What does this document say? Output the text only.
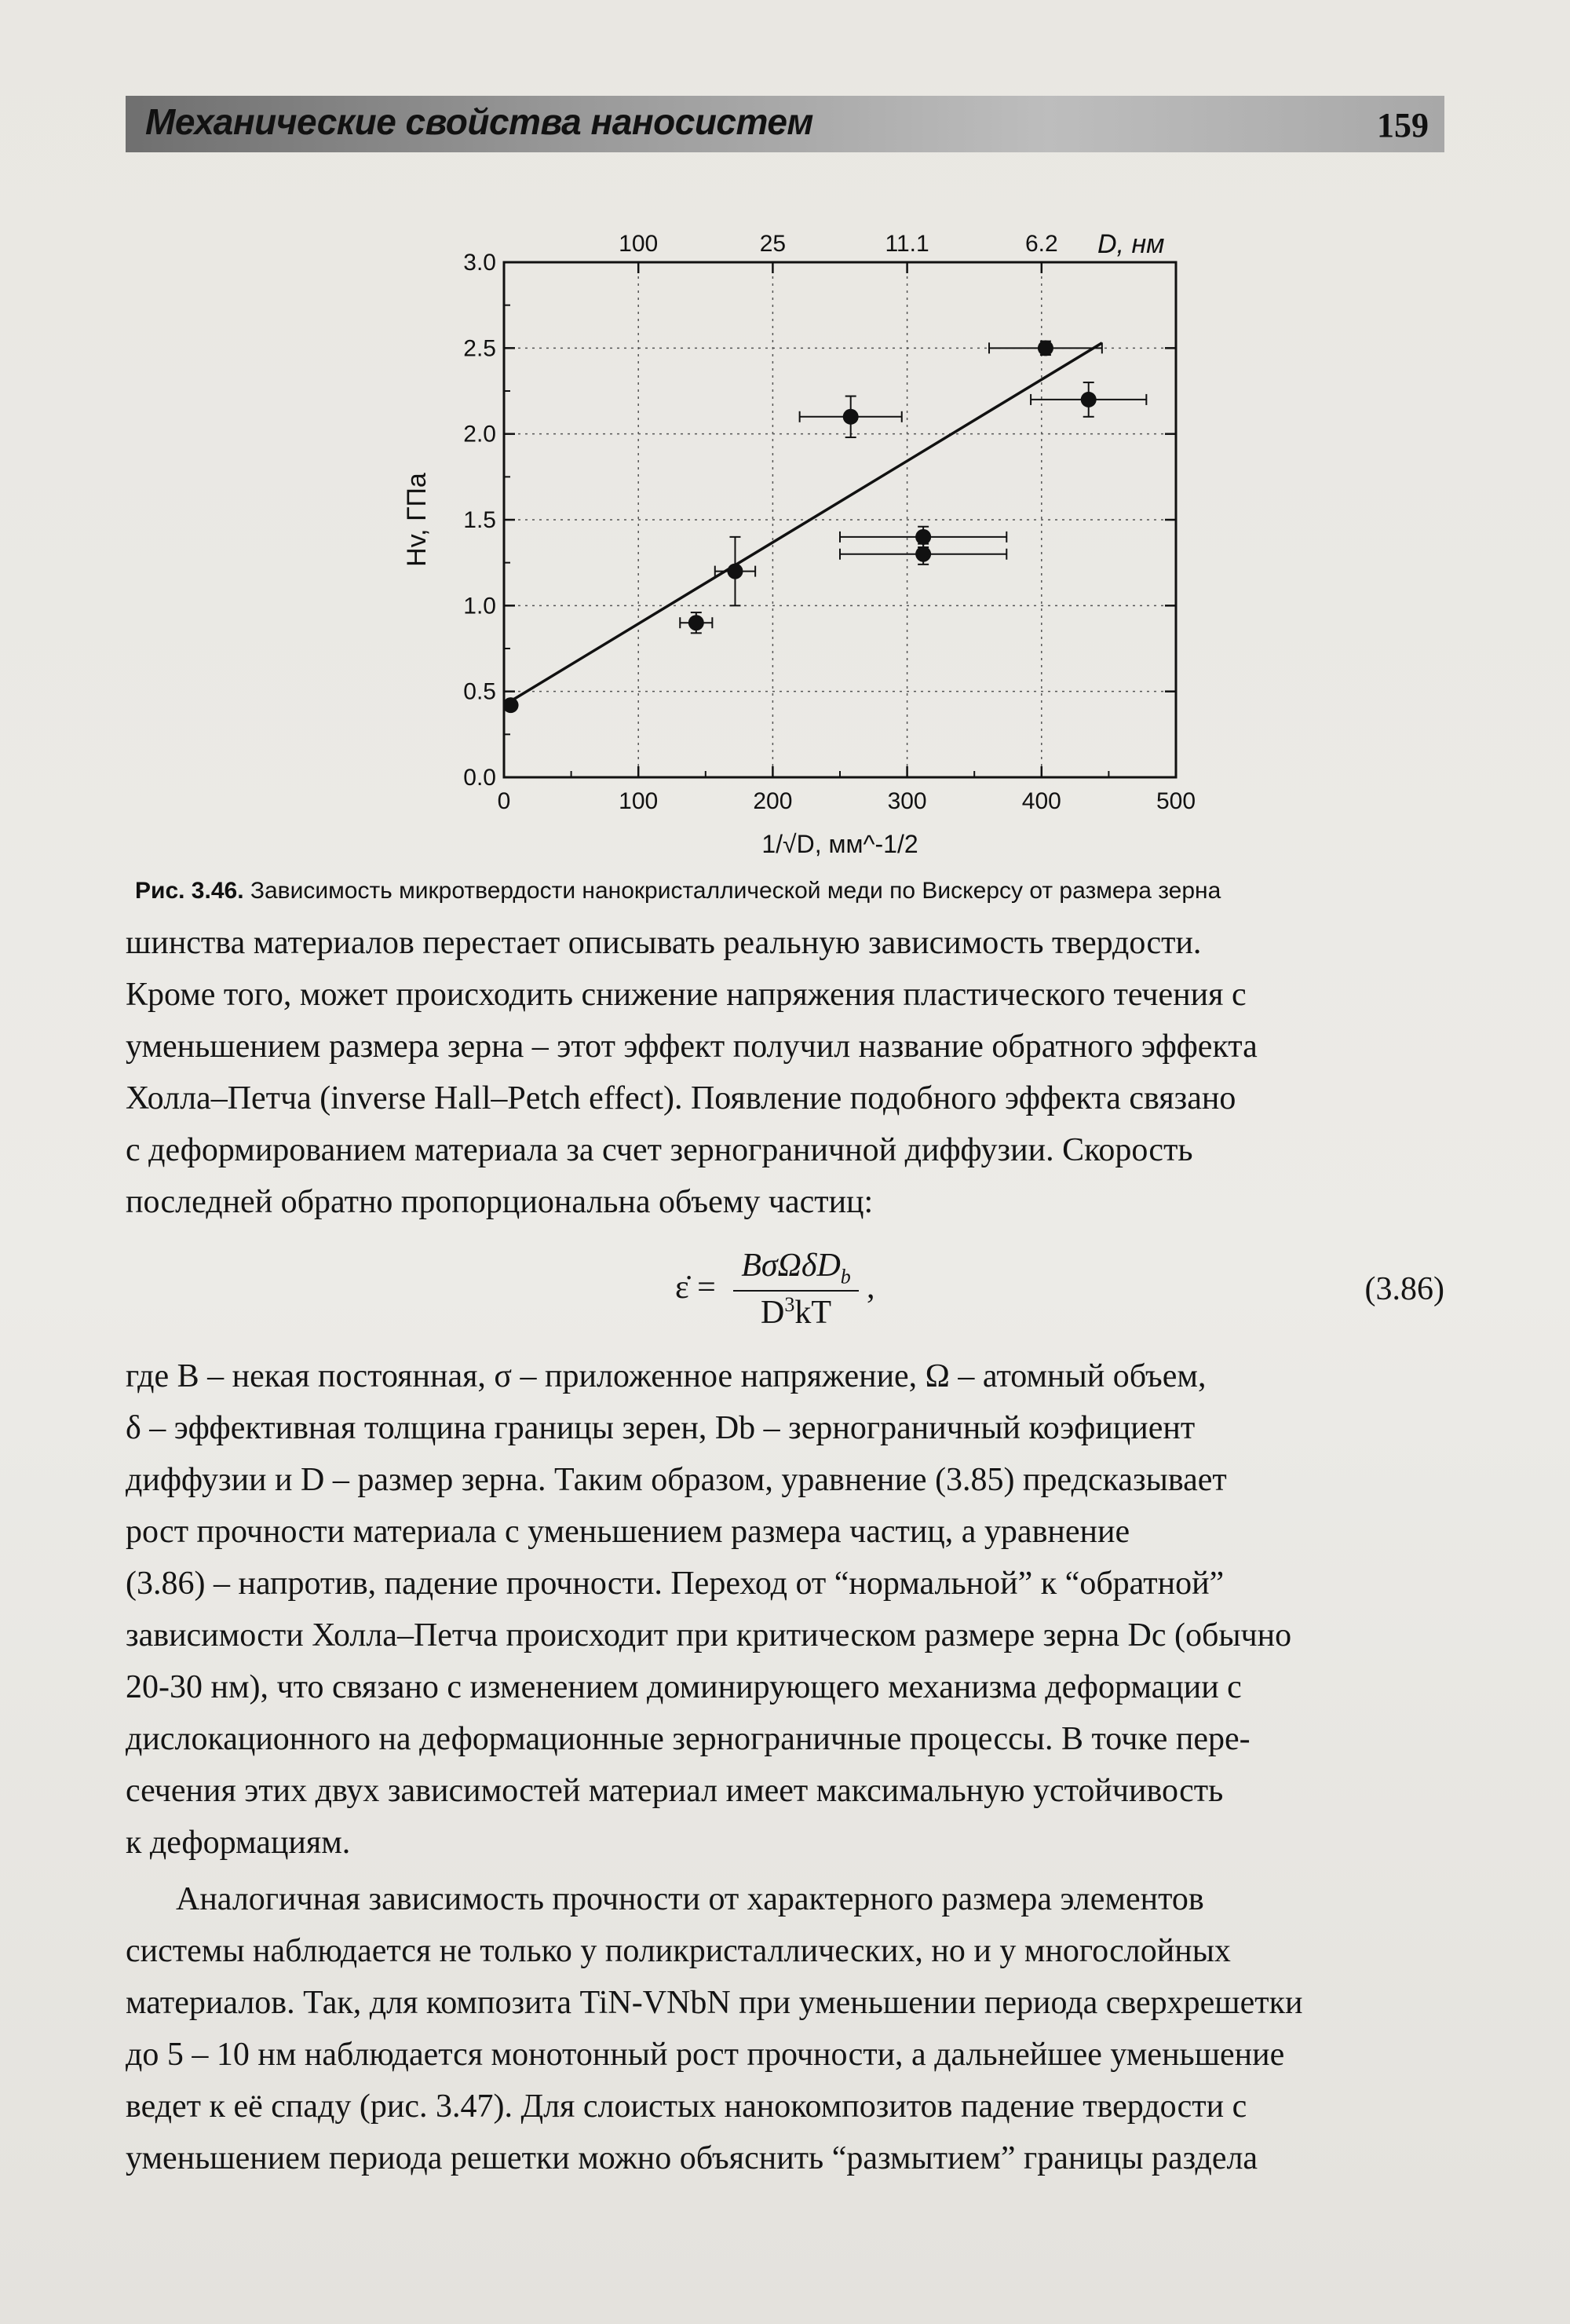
Механические свойства наносистем	159
0	100	200	300	400	500
0.0
0.5
1.0
1.5
2.0
2.5
3.0
100	25	11.1	6.2 D, нм
1/√D, мм^-1/2
Hv, ГПа
Рис. 3.46. Зависимость микротвердости нанокристаллической меди по Вискерсу от размера зерна
шинства материалов перестает описывать реальную зависимость твердости.
Кроме того, может происходить снижение напряжения пластического течения с
уменьшением размера зерна – этот эффект получил название обратного эффекта
Холла–Петча (inverse Hall–Petch effect). Появление подобного эффекта связано
с деформированием материала за счет зернограничной диффузии. Скорость
последней обратно пропорциональна объему частиц:
ε̇ =
BσΩδD$_b$
$D^3kT$
,	(3.86)
где B – некая постоянная, σ – приложенное напряжение, Ω – атомный объем,
δ – эффективная толщина границы зерен, Db – зернограничный коэфициент
диффузии и D – размер зерна. Таким образом, уравнение (3.85) предсказывает
рост прочности материала с уменьшением размера частиц, а уравнение
(3.86) – напротив, падение прочности. Переход от “нормальной” к “обратной”
зависимости Холла–Петча происходит при критическом размере зерна Dc (обычно
20-30 нм), что связано с изменением доминирующего механизма деформации с
дислокационного на деформационные зернограничные процессы. В точке пере-
сечения этих двух зависимостей материал имеет максимальную устойчивость
к деформациям.
Аналогичная зависимость прочности от характерного размера элементов
системы наблюдается не только у поликристаллических, но и у многослойных
материалов. Так, для композита TiN-VNbN при уменьшении периода сверхрешетки
до 5 – 10 нм наблюдается монотонный рост прочности, а дальнейшее уменьшение
ведет к её спаду (рис. 3.47). Для слоистых нанокомпозитов падение твердости с
уменьшением периода решетки можно объяснить “размытием” границы раздела
